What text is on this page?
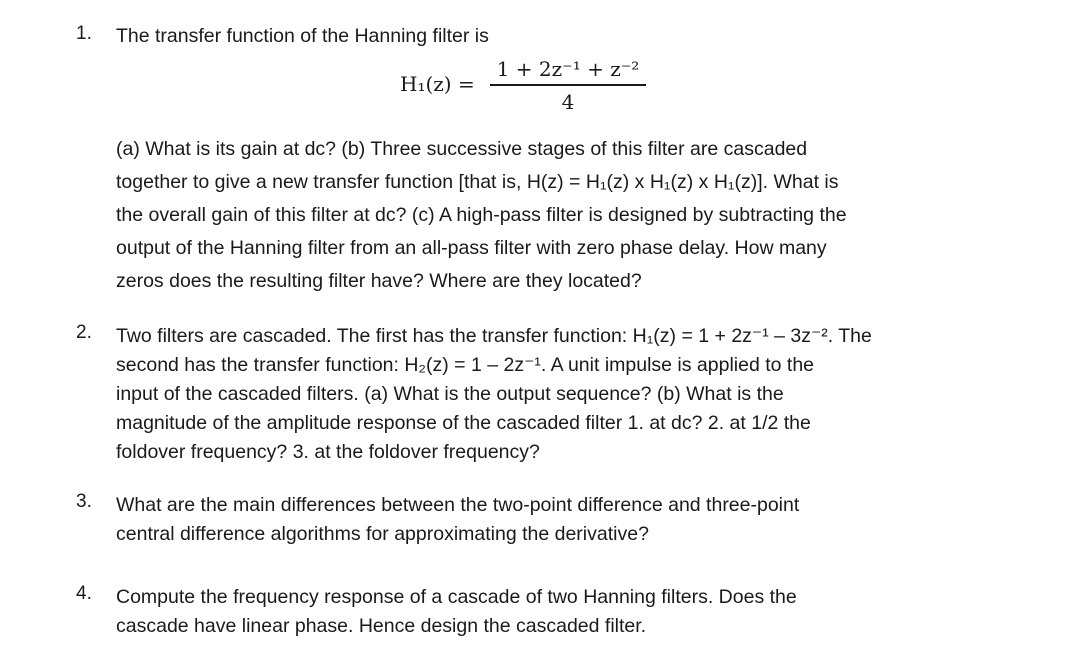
1. The transfer function of the Hanning filter is
H₁(z) =
1 + 2z⁻¹ + z⁻²
4
(a) What is its gain at dc? (b) Three successive stages of this filter are cascaded
together to give a new transfer function [that is, H(z) = H₁(z) x H₁(z) x H₁(z)]. What is
the overall gain of this filter at dc? (c) A high-pass filter is designed by subtracting the
output of the Hanning filter from an all-pass filter with zero phase delay. How many
zeros does the resulting filter have? Where are they located?
2. Two filters are cascaded. The first has the transfer function: H₁(z) = 1 + 2z⁻¹ – 3z⁻². The
second has the transfer function: H₂(z) = 1 – 2z⁻¹. A unit impulse is applied to the
input of the cascaded filters. (a) What is the output sequence? (b) What is the
magnitude of the amplitude response of the cascaded filter 1. at dc? 2. at 1/2 the
foldover frequency? 3. at the foldover frequency?
3. What are the main differences between the two-point difference and three-point
central difference algorithms for approximating the derivative?
4. Compute the frequency response of a cascade of two Hanning filters. Does the
cascade have linear phase. Hence design the cascaded filter.
